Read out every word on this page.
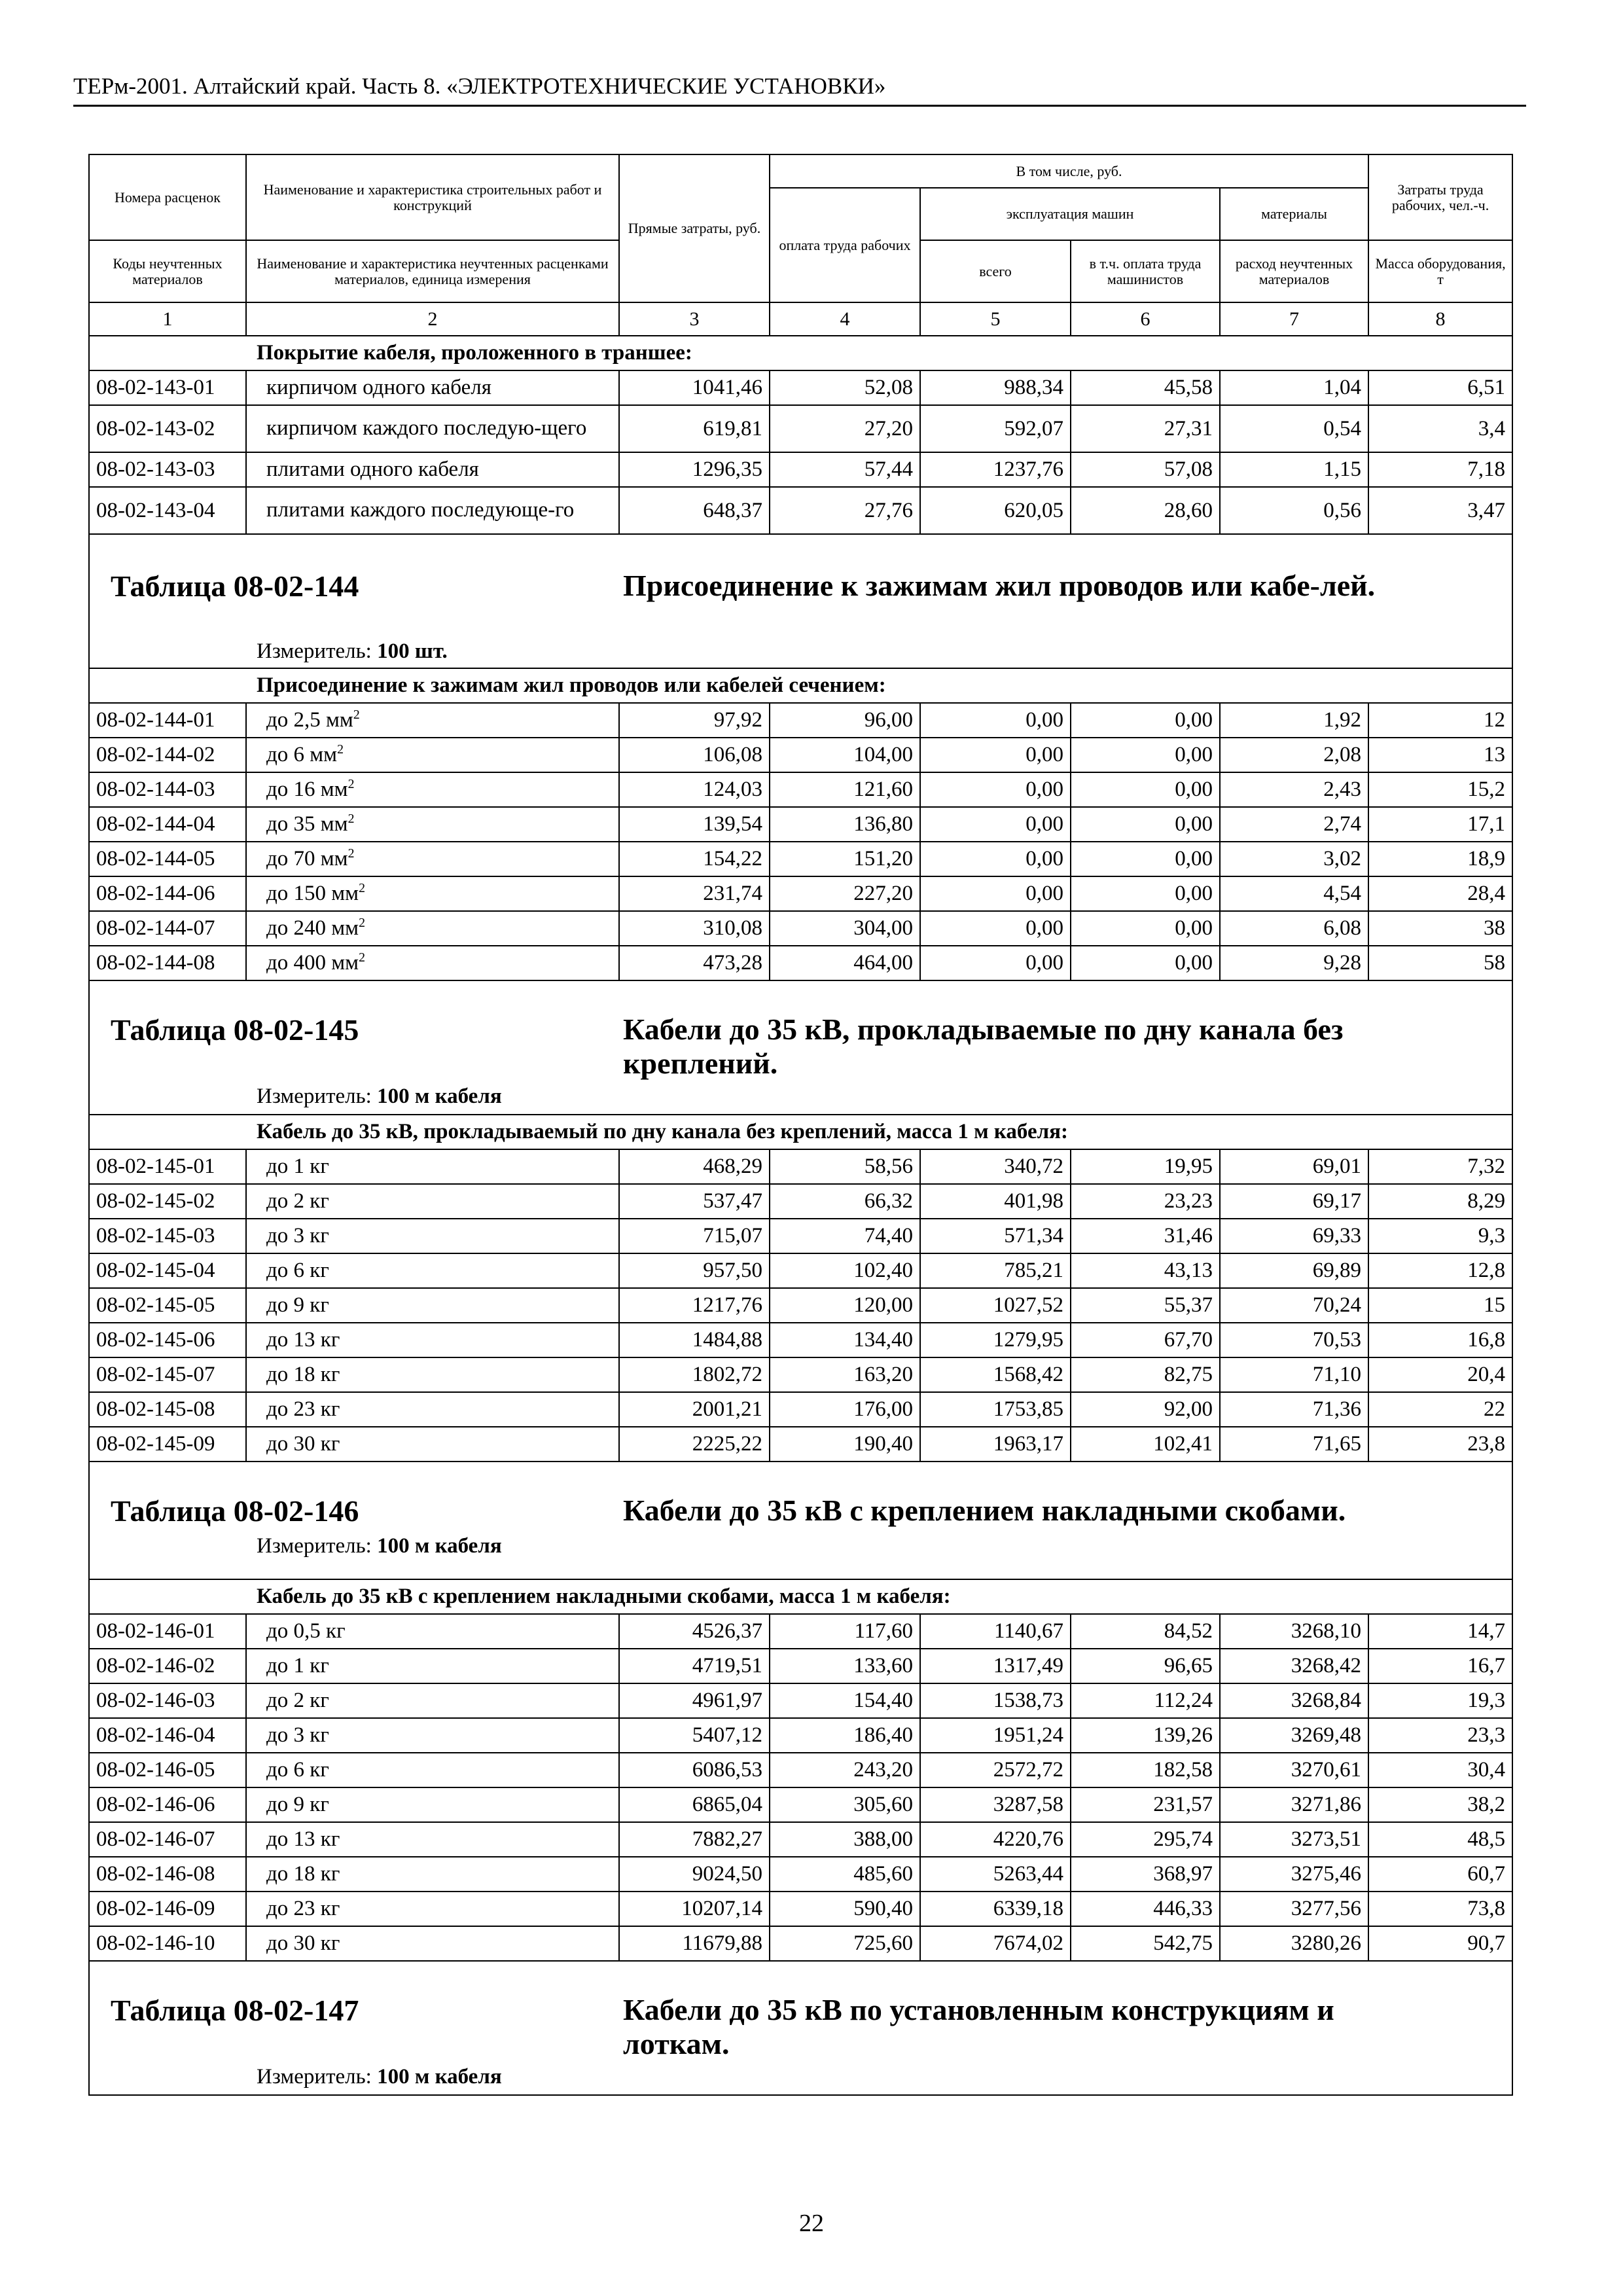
ТЕРм-2001. Алтайский край. Часть 8. «ЭЛЕКТРОТЕХНИЧЕСКИЕ УСТАНОВКИ»
Номера расценок	Наименование и характеристика строительных работ и конструкций	Прямые затраты, руб.	В том числе, руб.				Затраты труда рабочих, чел.-ч.
			оплата труда рабочих	эксплуатация машин		материалы	
Коды неучтенных материалов	Наименование и характеристика неучтенных расценками материалов, единица измерения			всего	в т.ч. оплата труда машинистов	расход неучтенных материалов	Масса оборудования, т
1	2	3	4	5	6	7	8
Покрытие кабеля, проложенного в траншее:							
08-02-143-01	кирпичом одного кабеля	1041,46	52,08	988,34	45,58	1,04	6,51
08-02-143-02	кирпичом каждого последую-щего	619,81	27,20	592,07	27,31	0,54	3,4
08-02-143-03	плитами одного кабеля	1296,35	57,44	1237,76	57,08	1,15	7,18
08-02-143-04	плитами каждого последующе-го	648,37	27,76	620,05	28,60	0,56	3,47

Таблица 08-02-144 Присоединение к зажимам жил проводов или кабе-лей.
Измеритель: 100 шт.							

Присоединение к зажимам жил проводов или кабелей сечением:							
08-02-144-01	до 2,5 $мм^2$	97,92	96,00	0,00	0,00	1,92	12
08-02-144-02	до 6 $мм^2$	106,08	104,00	0,00	0,00	2,08	13
08-02-144-03	до 16 $мм^2$	124,03	121,60	0,00	0,00	2,43	15,2
08-02-144-04	до 35 $мм^2$	139,54	136,80	0,00	0,00	2,74	17,1
08-02-144-05	до 70 $мм^2$	154,22	151,20	0,00	0,00	3,02	18,9
08-02-144-06	до 150 $мм^2$	231,74	227,20	0,00	0,00	4,54	28,4
08-02-144-07	до 240 $мм^2$	310,08	304,00	0,00	0,00	6,08	38
08-02-144-08	до 400 $мм^2$	473,28	464,00	0,00	0,00	9,28	58

Таблица 08-02-145 Кабели до 35 кВ, прокладываемые по дну канала без креплений.
Измеритель: 100 м кабеля							

Кабель до 35 кВ, прокладываемый по дну канала без креплений, масса 1 м кабеля:							
08-02-145-01	до 1 кг	468,29	58,56	340,72	19,95	69,01	7,32
08-02-145-02	до 2 кг	537,47	66,32	401,98	23,23	69,17	8,29
08-02-145-03	до 3 кг	715,07	74,40	571,34	31,46	69,33	9,3
08-02-145-04	до 6 кг	957,50	102,40	785,21	43,13	69,89	12,8
08-02-145-05	до 9 кг	1217,76	120,00	1027,52	55,37	70,24	15
08-02-145-06	до 13 кг	1484,88	134,40	1279,95	67,70	70,53	16,8
08-02-145-07	до 18 кг	1802,72	163,20	1568,42	82,75	71,10	20,4
08-02-145-08	до 23 кг	2001,21	176,00	1753,85	92,00	71,36	22
08-02-145-09	до 30 кг	2225,22	190,40	1963,17	102,41	71,65	23,8

Таблица 08-02-146 Кабели до 35 кВ с креплением накладными скобами.
Измеритель: 100 м кабеля							

Кабель до 35 кВ с креплением накладными скобами, масса 1 м кабеля:							
08-02-146-01	до 0,5 кг	4526,37	117,60	1140,67	84,52	3268,10	14,7
08-02-146-02	до 1 кг	4719,51	133,60	1317,49	96,65	3268,42	16,7
08-02-146-03	до 2 кг	4961,97	154,40	1538,73	112,24	3268,84	19,3
08-02-146-04	до 3 кг	5407,12	186,40	1951,24	139,26	3269,48	23,3
08-02-146-05	до 6 кг	6086,53	243,20	2572,72	182,58	3270,61	30,4
08-02-146-06	до 9 кг	6865,04	305,60	3287,58	231,57	3271,86	38,2
08-02-146-07	до 13 кг	7882,27	388,00	4220,76	295,74	3273,51	48,5
08-02-146-08	до 18 кг	9024,50	485,60	5263,44	368,97	3275,46	60,7
08-02-146-09	до 23 кг	10207,14	590,40	6339,18	446,33	3277,56	73,8
08-02-146-10	до 30 кг	11679,88	725,60	7674,02	542,75	3280,26	90,7

Таблица 08-02-147 Кабели до 35 кВ по установленным конструкциям и лоткам.
Измеритель: 100 м кабеля							
22
